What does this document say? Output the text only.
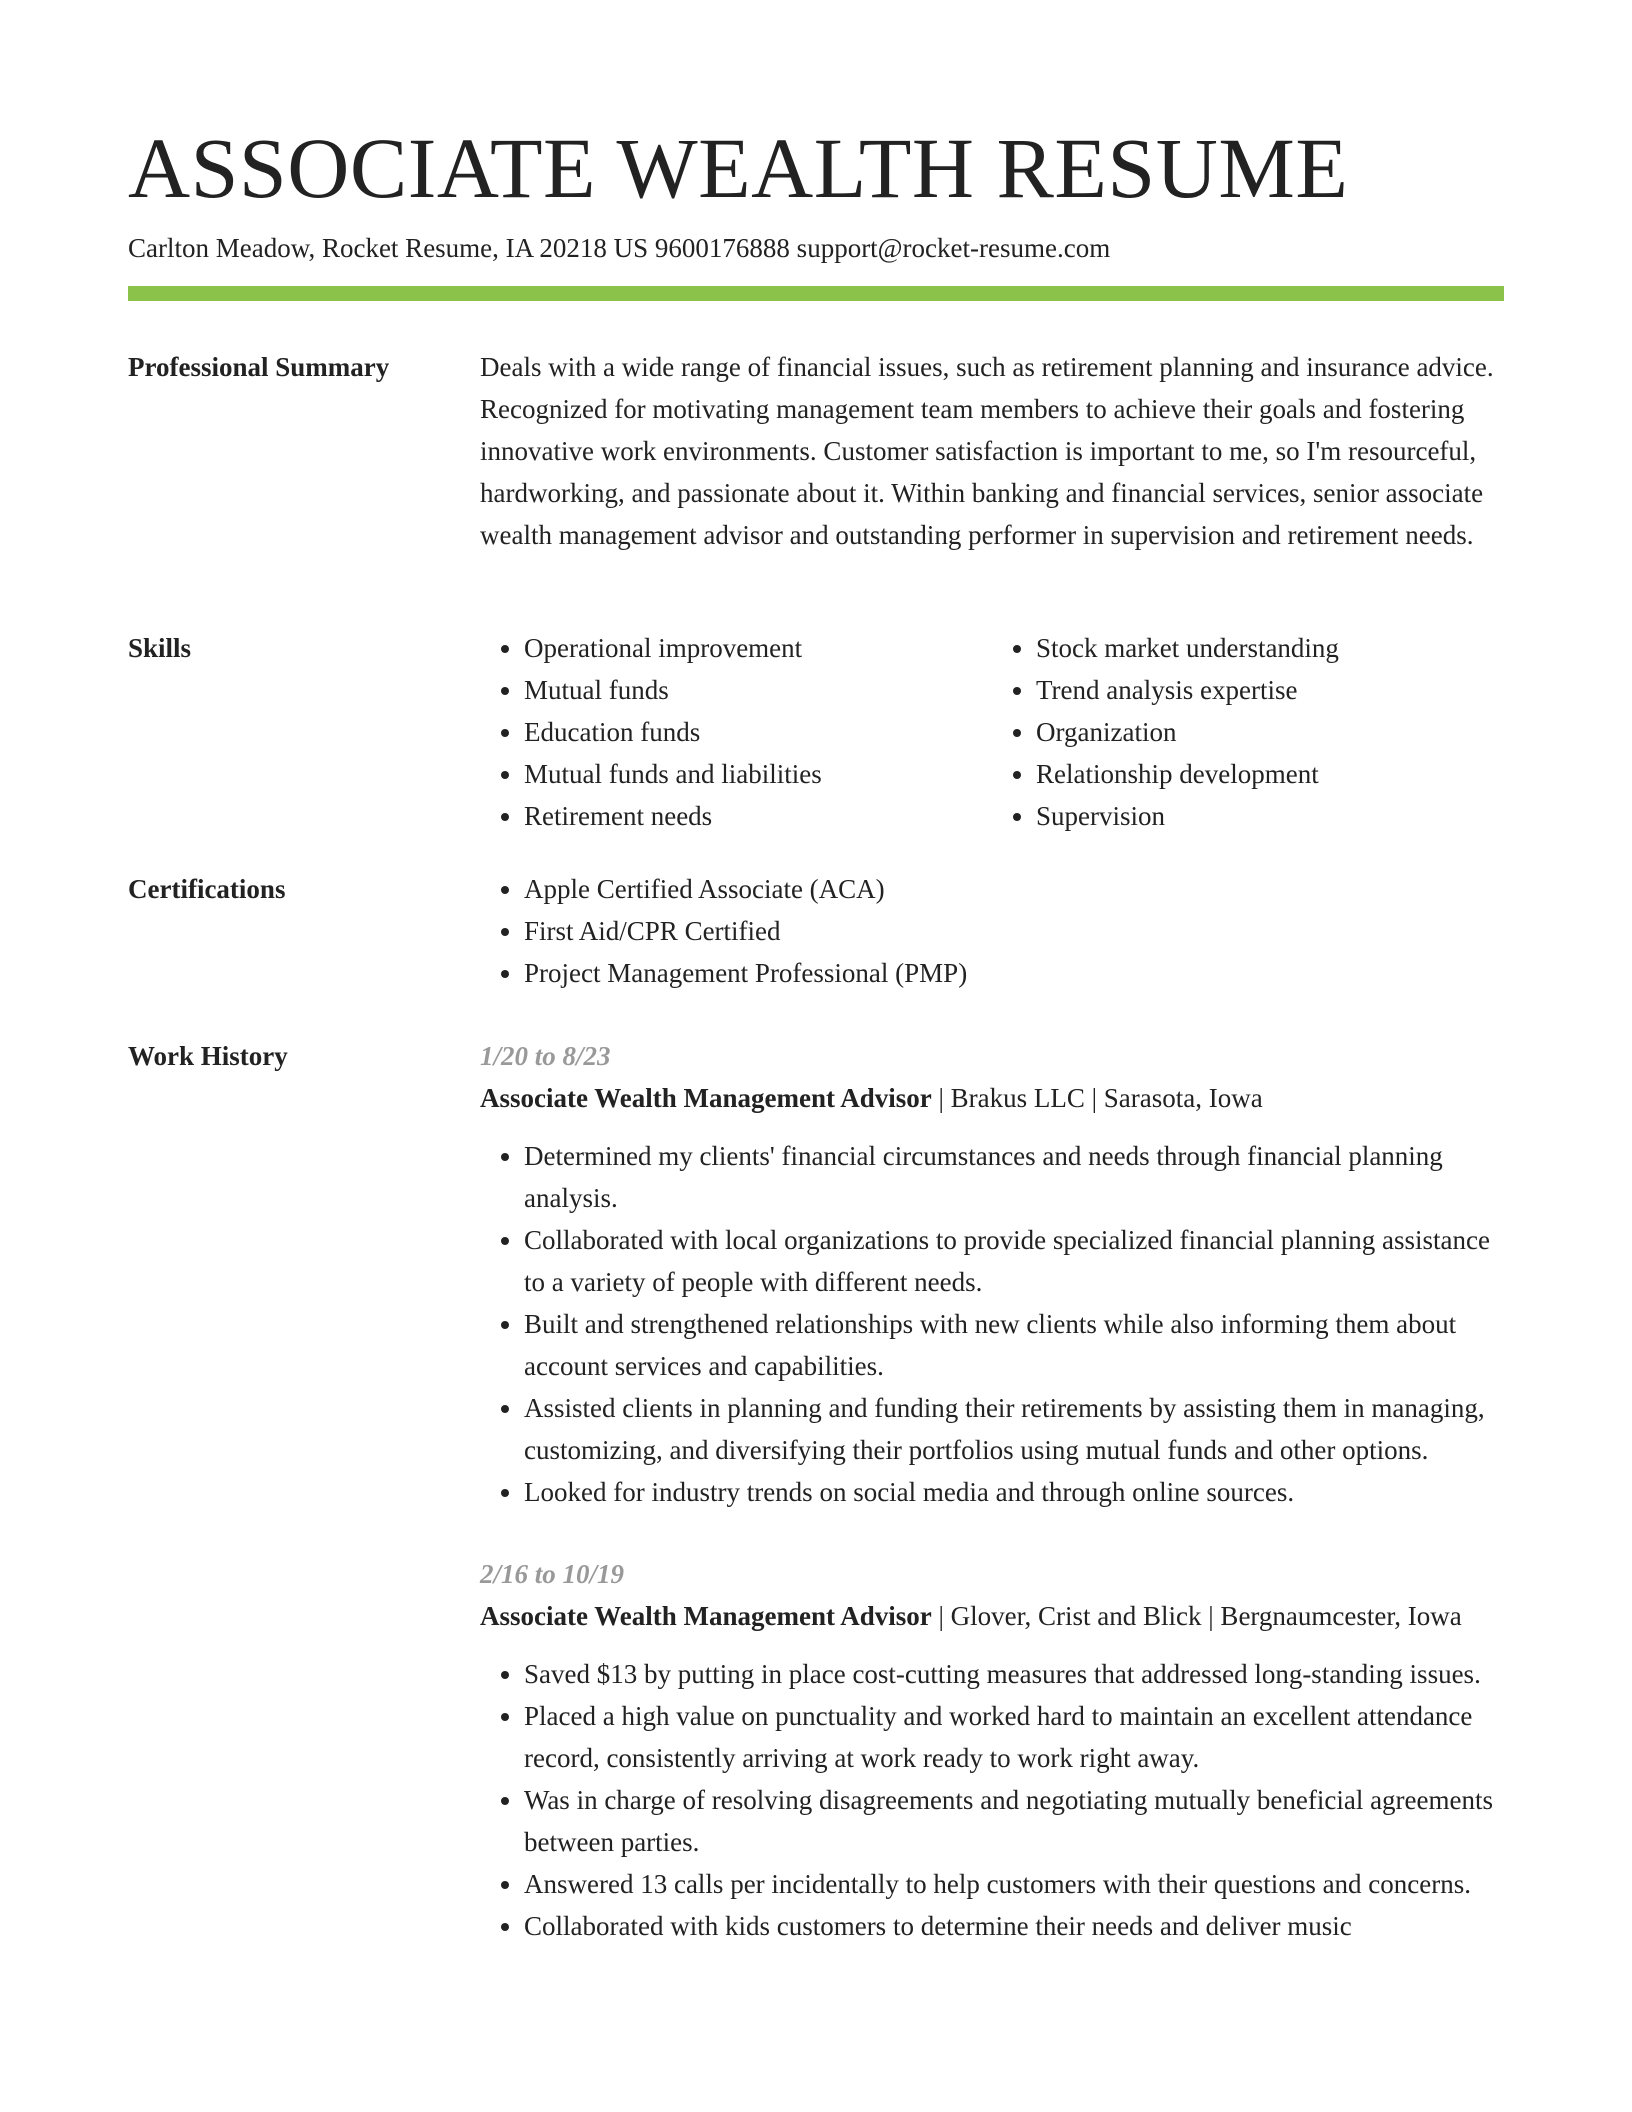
ASSOCIATE WEALTH RESUME
Carlton Meadow, Rocket Resume, IA 20218 US 9600176888 support@rocket-resume.com
Professional Summary	Deals with a wide range of financial issues, such as retirement planning and insurance advice. Recognized for motivating management team members to achieve their goals and fostering innovative work environments. Customer satisfaction is important to me, so I'm resourceful, hardworking, and passionate about it. Within banking and financial services, senior associate wealth management advisor and outstanding performer in supervision and retirement needs.

Skills	• Operational improvement
• Mutual funds
• Education funds
• Mutual funds and liabilities
• Retirement needs
• Stock market understanding
• Trend analysis expertise
• Organization
• Relationship development
• Supervision
Certifications	• Apple Certified Associate (ACA)
• First Aid/CPR Certified
• Project Management Professional (PMP)
Work History	1/20 to 8/23
Associate Wealth Management Advisor | Brakus LLC | Sarasota, Iowa
• Determined my clients' financial circumstances and needs through financial planning analysis.
• Collaborated with local organizations to provide specialized financial planning assistance to a variety of people with different needs.
• Built and strengthened relationships with new clients while also informing them about account services and capabilities.
• Assisted clients in planning and funding their retirements by assisting them in managing, customizing, and diversifying their portfolios using mutual funds and other options.
• Looked for industry trends on social media and through online sources.
2/16 to 10/19
Associate Wealth Management Advisor | Glover, Crist and Blick | Bergnaumcester, Iowa
• Saved $13 by putting in place cost-cutting measures that addressed long-standing issues.
• Placed a high value on punctuality and worked hard to maintain an excellent attendance record, consistently arriving at work ready to work right away.
• Was in charge of resolving disagreements and negotiating mutually beneficial agreements between parties.
• Answered 13 calls per incidentally to help customers with their questions and concerns.
• Collaborated with kids customers to determine their needs and deliver music
